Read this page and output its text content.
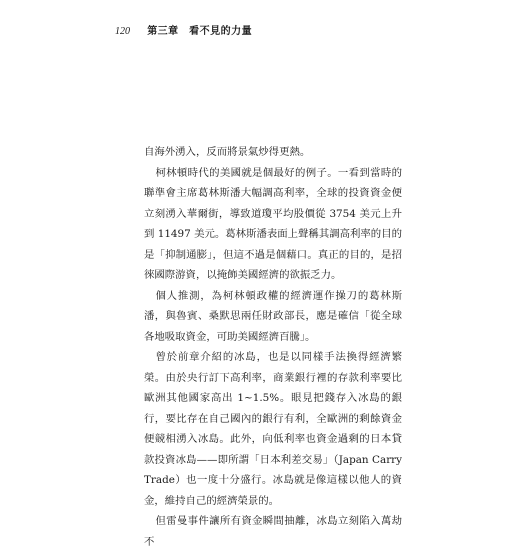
120 第三章　看不見的力量

自海外湧入，反而將景氣炒得更熱。

柯林頓時代的美國就是個最好的例子。一看到當時的聯準會主席葛林斯潘大幅調高利率，全球的投資資金便立刻湧入華爾街，導致道瓊平均股價從 3754 美元上升到 11497 美元。葛林斯潘表面上聲稱其調高利率的目的是「抑制通膨」，但這不過是個藉口。真正的目的，是招徠國際游資，以掩飾美國經濟的欲振乏力。

個人推測，為柯林頓政權的經濟運作操刀的葛林斯潘，與魯賓、桑默思兩任財政部長，應是確信「從全球各地吸取資金，可助美國經濟百騰」。

曾於前章介紹的冰島，也是以同樣手法換得經濟繁榮。由於央行訂下高利率，商業銀行裡的存款利率要比歐洲其他國家高出 1~1.5%。眼見把錢存入冰島的銀行，要比存在自己國內的銀行有利，全歐洲的剩餘資金便競相湧入冰島。此外，向低利率也資金過剩的日本貸款投資冰島——即所謂「日本利差交易」（Japan Carry Trade）也一度十分盛行。冰島就是像這樣以他人的資金，維持自己的經濟榮景的。

但雷曼事件讓所有資金瞬間抽離，冰島立刻陷入萬劫不
